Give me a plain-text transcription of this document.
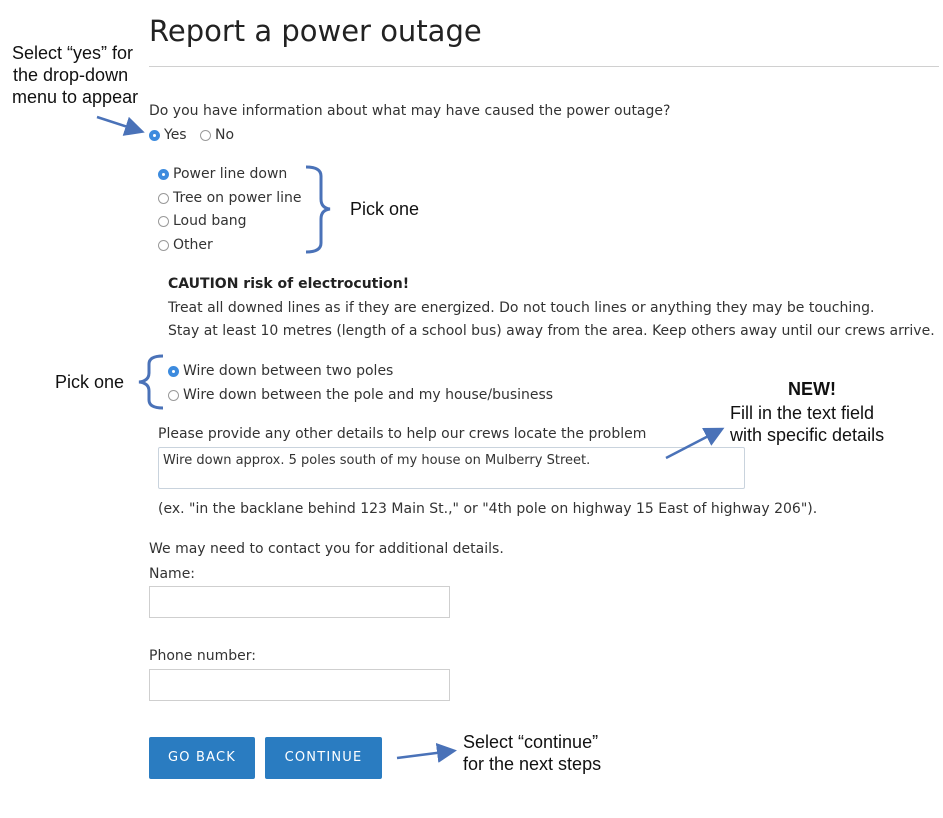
Report a power outage
Do you have information about what may have caused the power outage?
Yes No
Power line down
Tree on power line
Loud bang
Other
CAUTION risk of electrocution!
Treat all downed lines as if they are energized. Do not touch lines or anything they may be touching.
Stay at least 10 metres (length of a school bus) away from the area. Keep others away until our crews arrive.
Wire down between two poles
Wire down between the pole and my house/business
Please provide any other details to help our crews locate the problem
Wire down approx. 5 poles south of my house on Mulberry Street.
(ex. "in the backlane behind 123 Main St.," or "4th pole on highway 15 East of highway 206").
We may need to contact you for additional details.
Name:
Phone number:
GO BACK	CONTINUE
Select “yes” for
the drop-down
menu to appear
Pick one
Pick one	NEW!
Fill in the text field
with specific details
Select “continue”
for the next steps
